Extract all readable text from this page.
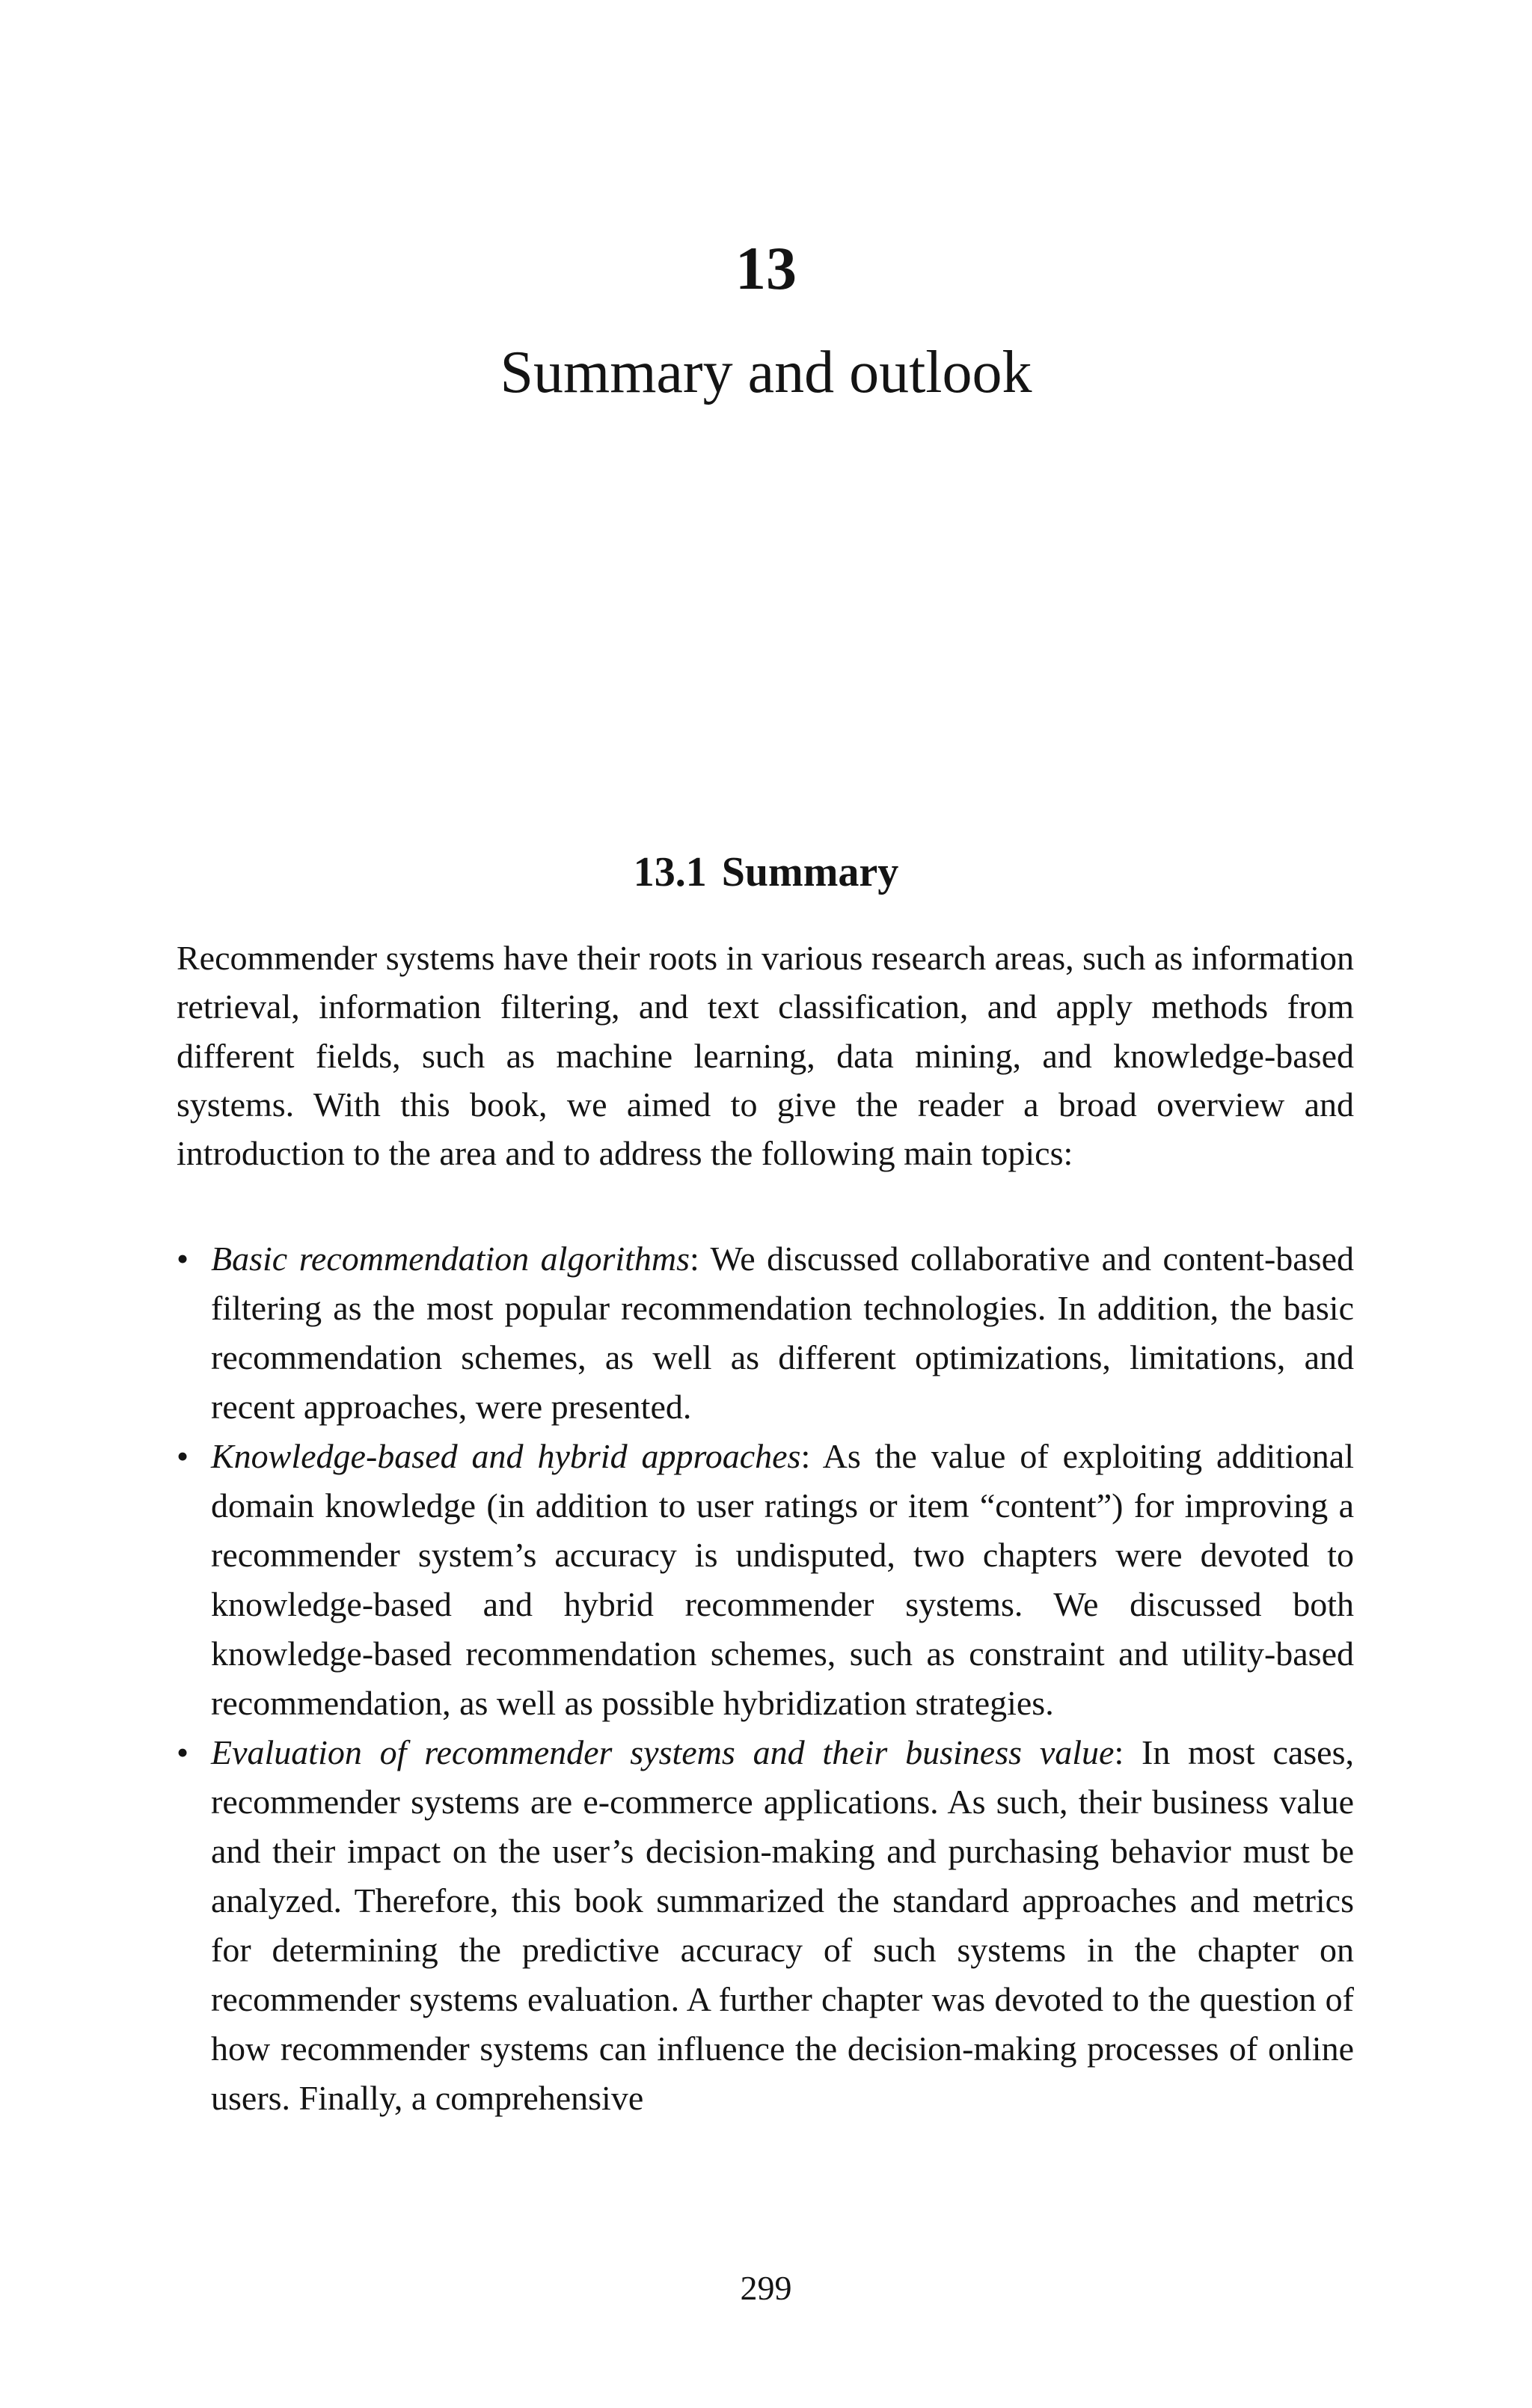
13
Summary and outlook
13.1 Summary

Recommender systems have their roots in various research areas, such as information retrieval, information filtering, and text classification, and apply methods from different fields, such as machine learning, data mining, and knowledge-based systems. With this book, we aimed to give the reader a broad overview and introduction to the area and to address the following main topics:

• Basic recommendation algorithms: We discussed collaborative and content-based filtering as the most popular recommendation technologies. In addition, the basic recommendation schemes, as well as different optimizations, limitations, and recent approaches, were presented.
• Knowledge-based and hybrid approaches: As the value of exploiting additional domain knowledge (in addition to user ratings or item “content”) for improving a recommender system’s accuracy is undisputed, two chapters were devoted to knowledge-based and hybrid recommender systems. We discussed both knowledge-based recommendation schemes, such as constraint and utility-based recommendation, as well as possible hybridization strategies.
• Evaluation of recommender systems and their business value: In most cases, recommender systems are e-commerce applications. As such, their business value and their impact on the user’s decision-making and purchasing behavior must be analyzed. Therefore, this book summarized the standard approaches and metrics for determining the predictive accuracy of such systems in the chapter on recommender systems evaluation. A further chapter was devoted to the question of how recommender systems can influence the decision-making processes of online users. Finally, a comprehensive
299
